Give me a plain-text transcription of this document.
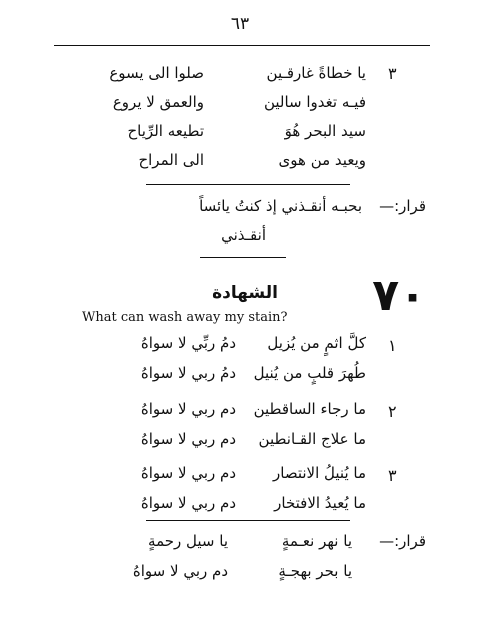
٦٣
٣
يا خطاةً غارقـين
صلوا الى يسوع
فيـه تغدوا سالين
والعمق لا يروع
سيد البحر هُوَ
تطيعه الرِّياح
ويعيد من هوى
الى المراح
قرار:—
بحبـه أنقـذني إذ كنتُ يائساً
أنقـذني
٧٠
الشهادة
What can wash away my stain?
١
كلَّ اثمٍ من يُزيل
دمُ ربِّي لا سواهُ
طُهرَ قلبٍ من يُنيل
دمُ ربي لا سواهُ
٢
ما رجاء الساقطين
دم ربي لا سواهُ
ما علاج القـانطين
دم ربي لا سواهُ
٣
ما يُنيلُ الانتصار
دم ربي لا سواهُ
ما يُعيدُ الافتخار
دم ربي لا سواهُ
قرار:—
يا نهر نعـمةٍ
يا سيل رحمةٍ
يا بحر بهجـةٍ
دم ربي لا سواهُ
